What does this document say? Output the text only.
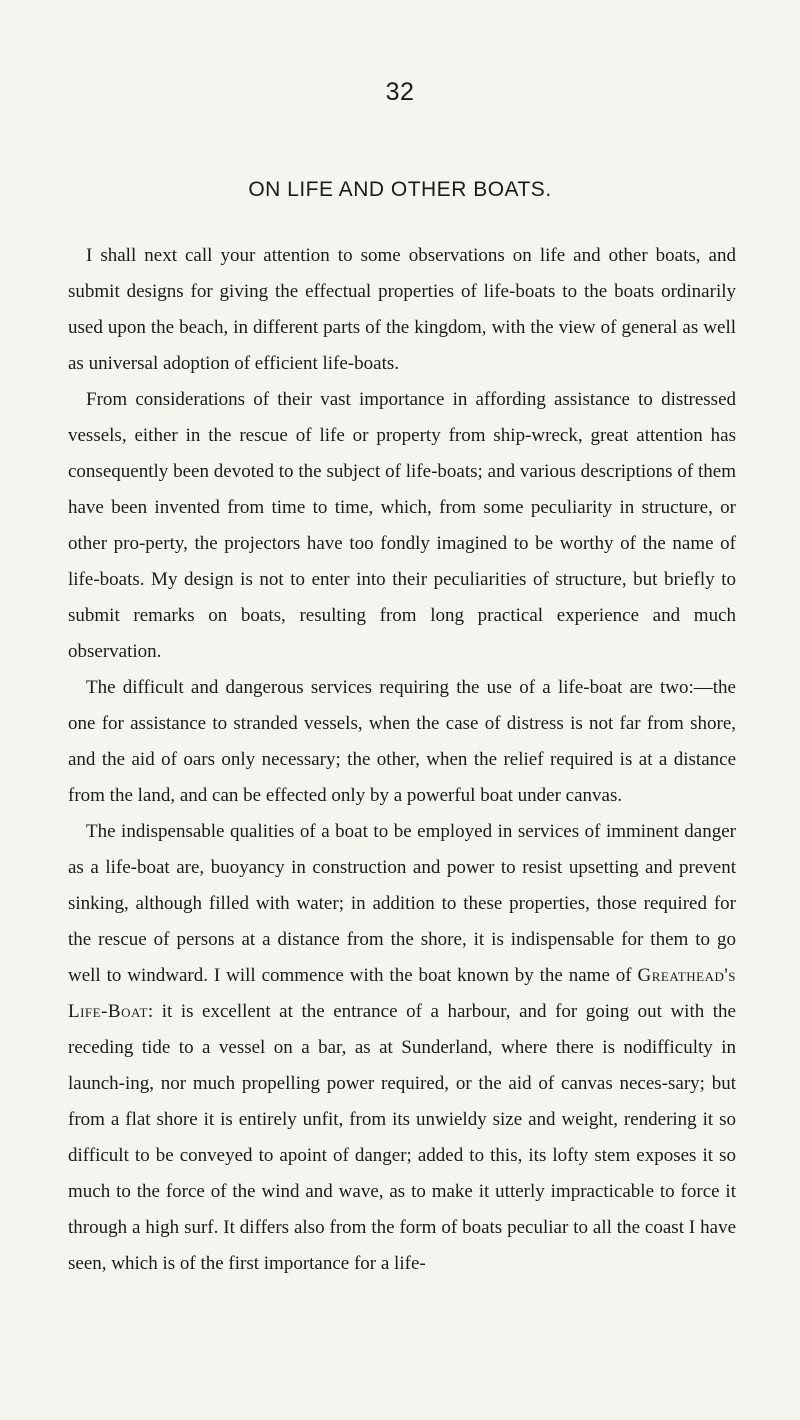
32
ON LIFE AND OTHER BOATS.

I shall next call your attention to some observations on life and other boats, and submit designs for giving the effectual properties of life-boats to the boats ordinarily used upon the beach, in different parts of the kingdom, with the view of general as well as universal adoption of efficient life-boats.

From considerations of their vast importance in affording assistance to distressed vessels, either in the rescue of life or property from ship-wreck, great attention has consequently been devoted to the subject of life-boats; and various descriptions of them have been invented from time to time, which, from some peculiarity in structure, or other pro-perty, the projectors have too fondly imagined to be worthy of the name of life-boats. My design is not to enter into their peculiarities of structure, but briefly to submit remarks on boats, resulting from long practical experience and much observation.

The difficult and dangerous services requiring the use of a life-boat are two:—the one for assistance to stranded vessels, when the case of distress is not far from shore, and the aid of oars only necessary; the other, when the relief required is at a distance from the land, and can be effected only by a powerful boat under canvas.

The indispensable qualities of a boat to be employed in services of imminent danger as a life-boat are, buoyancy in construction and power to resist upsetting and prevent sinking, although filled with water; in addition to these properties, those required for the rescue of persons at a distance from the shore, it is indispensable for them to go well to windward. I will commence with the boat known by the name of Greathead's Life-Boat: it is excellent at the entrance of a harbour, and for going out with the receding tide to a vessel on a bar, as at Sunderland, where there is nodifficulty in launch-ing, nor much propelling power required, or the aid of canvas neces-sary; but from a flat shore it is entirely unfit, from its unwieldy size and weight, rendering it so difficult to be conveyed to apoint of danger; added to this, its lofty stem exposes it so much to the force of the wind and wave, as to make it utterly impracticable to force it through a high surf. It differs also from the form of boats peculiar to all the coast I have seen, which is of the first importance for a life-
